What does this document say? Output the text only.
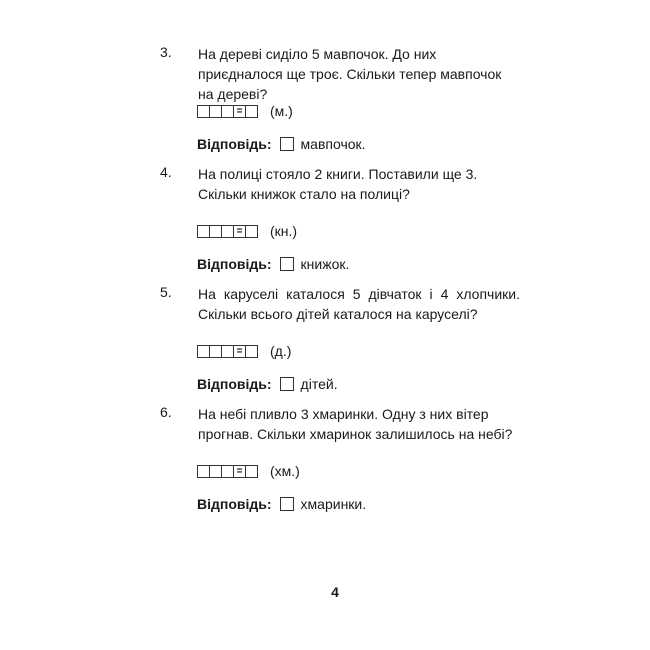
3. На дереві сиділо 5 мавпочок. До них приєдналося ще троє. Скільки тепер мавпочок на дереві?

= (м.)
Відповідь: мавпочок.
4. На полиці стояло 2 книги. Поставили ще 3. Скільки книжок стало на полиці?

= (кн.)
Відповідь: книжок.
5. На каруселі каталося 5 дівчаток і 4 хлопчики. Скільки всього дітей каталося на каруселі?

= (д.)
Відповідь: дітей.
6. На небі пливло 3 хмаринки. Одну з них вітер прогнав. Скільки хмаринок залишилось на небі?

= (хм.)
Відповідь: хмаринки.
4
